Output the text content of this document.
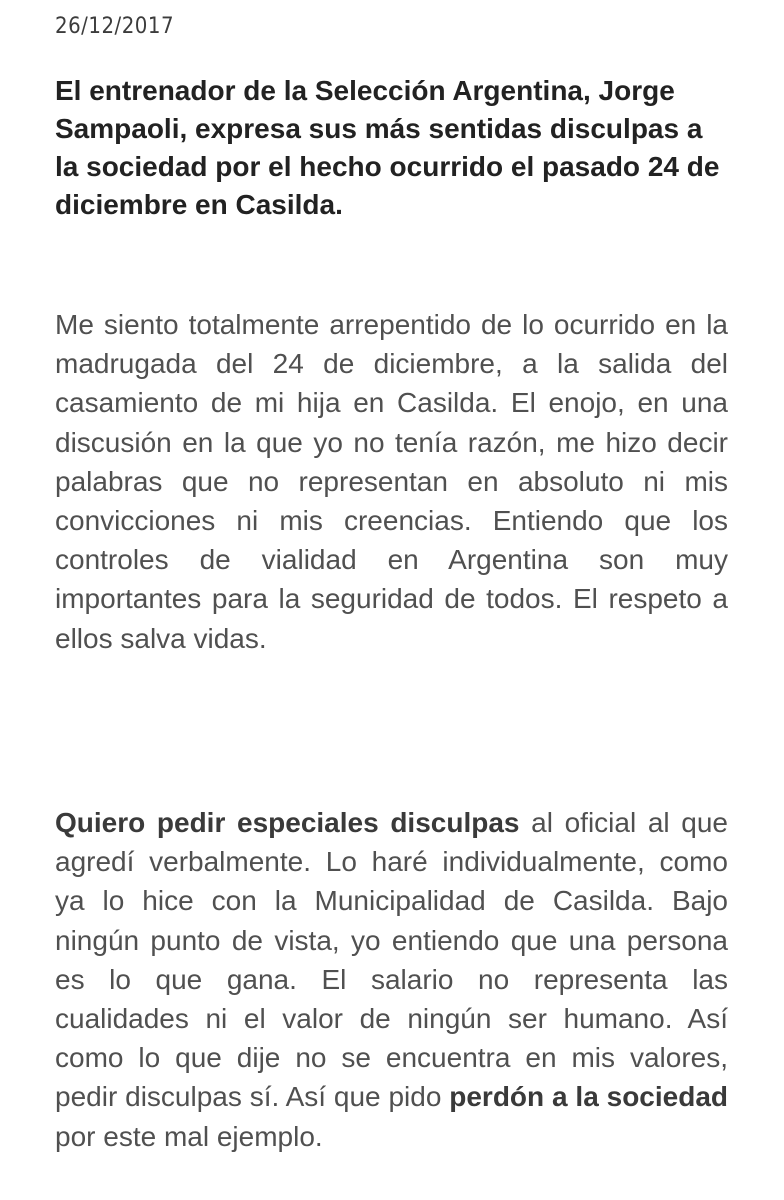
26/12/2017
El entrenador de la Selección Argentina, Jorge Sampaoli, expresa sus más sentidas disculpas a la sociedad por el hecho ocurrido el pasado 24 de diciembre en Casilda.

Me siento totalmente arrepentido de lo ocurrido en la madrugada del 24 de diciembre, a la salida del casamiento de mi hija en Casilda. El enojo, en una discusión en la que yo no tenía razón, me hizo decir palabras que no representan en absoluto ni mis convicciones ni mis creencias. Entiendo que los controles de vialidad en Argentina son muy importantes para la seguridad de todos. El respeto a ellos salva vidas.

Quiero pedir especiales disculpas al oficial al que agredí verbalmente. Lo haré individualmente, como ya lo hice con la Municipalidad de Casilda. Bajo ningún punto de vista, yo entiendo que una persona es lo que gana. El salario no representa las cualidades ni el valor de ningún ser humano. Así como lo que dije no se encuentra en mis valores, pedir disculpas sí. Así que pido perdón a la sociedad por este mal ejemplo.
